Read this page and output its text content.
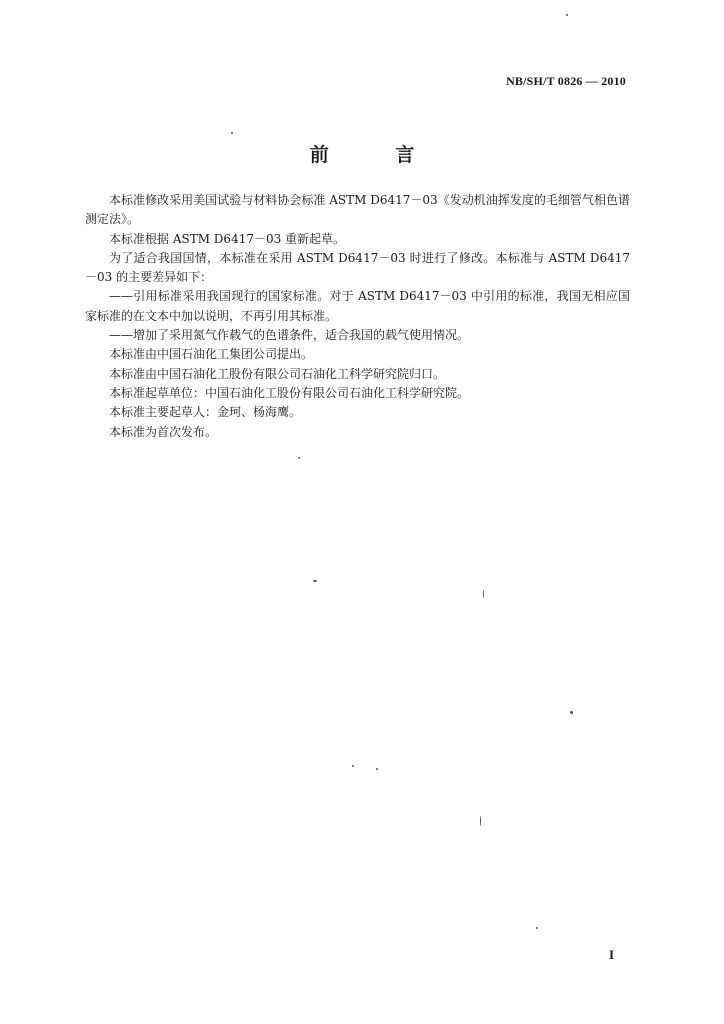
NB/SH/T 0826 — 2010
前 言

本标准修改采用美国试验与材料协会标准 ASTM D6417－03《发动机油挥发度的毛细管气相色谱测定法》。

本标准根据 ASTM D6417－03 重新起草。

为了适合我国国情，本标准在采用 ASTM D6417－03 时进行了修改。本标准与 ASTM D6417－03 的主要差异如下：

——引用标准采用我国现行的国家标准。对于 ASTM D6417－03 中引用的标准，我国无相应国家标准的在文本中加以说明，不再引用其标准。

——增加了采用氮气作载气的色谱条件，适合我国的载气使用情况。

本标准由中国石油化工集团公司提出。

本标准由中国石油化工股份有限公司石油化工科学研究院归口。

本标准起草单位：中国石油化工股份有限公司石油化工科学研究院。

本标准主要起草人：金珂、杨海鹰。

本标准为首次发布。

I
